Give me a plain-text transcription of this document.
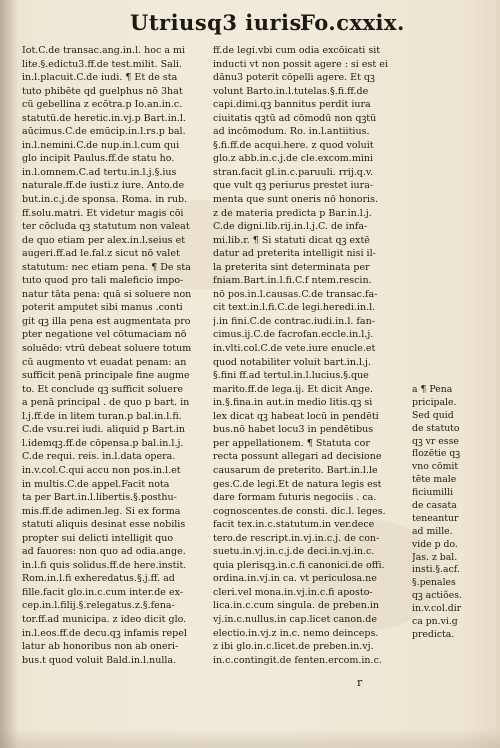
Utriusq3 iuris.
Fo.cxxix.
Iot.C.de transac.ang.in.l. hoc a mi
lite.§.edictu3.ff.de test.milit. Sali.
in.l.placuit.C.de iudi. ¶ Et de sta
tuto phibēte qd guelphus nō 3hat
cū gebellina z ecōtra.p Io.an.in.c.
statutū.de heretic.in.vj.p Bart.in.l.
aūcimus.C.de emūcip.in.l.rs.p bal.
in.l.nemini.C.de nup.in.l.cum qui
glo incipit Paulus.ff.de statu ho.
in.l.omnem.C.ad tertu.in.l.j.§.ius
naturale.ff.de iusti.z iure. Anto.de
but.in.c.j.de sponsa. Roma. in rub.
ff.solu.matri. Et videtur magis cōi
ter cōcluda qꝫ statutum non valeat
de quo etiam per alex.in.l.seius et
augeri.ff.ad le.fal.z sicut nō valet
statutum: nec etiam pena. ¶ De sta
tuto quod pro tali maleficio impo-
natur tāta pena: quā si soluere non
poterit amputet sibi manus .conti
git qꝫ illa pena est augmentata pro
pter negatione vel cōtumaciam nō
soluēdo: vtrū debeat soluere totum
cū augmento vt euadat penam: an
sufficit penā principale fine augme
to. Et conclude qꝫ sufficit soluere
a penā principal . de quo p bart. in
l.j.ff.de in litem turan.p bal.in.l.fi.
C.de vsu.rei iudi. aliquid p Bart.in
l.idemqꝫ.ff.de cōpensa.p bal.in.l.j.
C.de requi. reis. in.l.data opera.
in.v.col.C.qui accu non pos.in.l.et
in multis.C.de appel.Facit nota
ta per Bart.in.l.libertis.§.posthu-
mis.ff.de adimen.leg. Si ex forma
statuti aliquis desinat esse nobilis
propter sui delicti intelligit quo
ad fauores: non quo ad odia.ange.
in.l.fi quis solidus.ff.de here.instit.
Rom.in.l.fi exheredatus.§.j.ff. ad
fille.facit glo.in.c.cum inter.de ex-
cep.in.l.filij.§.relegatus.z.§.fena-
tor.ff.ad municipa. z ideo dicit glo.
in.l.eos.ff.de decu.qꝫ infamis repel
latur ab honoribus non ab oneri-
bus.t quod voluit Bald.in.l.nulla.
ff.de legi.vbi cum odia excōicati sit
inducti vt non possit agere : si est ei
dānu3 poterit cōpelli agere. Et qꝫ
volunt Barto.in.l.tutelas.§.fi.ff.de
capi.dimi.qꝫ bannitus perdit iura
ciuitatis qꝫtū ad cōmodū non qꝫtū
ad incōmodum. Ro. in.l.antiitius.
§.fi.ff.de acqui.here. z quod voluit
glo.z abb.in.c.j.de cle.excom.mini
stran.facit gl.in.c.paruuli. rrij.q.v.
que vult qꝫ periurus prestet iura-
menta que sunt oneris nō honoris.
z de materia predicta p Bar.in.l.j.
C.de digni.lib.rij.in.l.j.C. de infa-
mi.lib.r. ¶ Si statuti dicat qꝫ extē
datur ad preterita intelligit nisi il-
la preterita sint determinata per
fniam.Bart.in.l.fi.C.f ntem.rescin.
nō pos.in.l.causas.C.de transac.fa-
cit text.in.l.fi.C.de legi.heredi.in.l.
j.in fini.C.de contrac.iudi.in.l. fan-
cimus.ij.C.de facrofan.eccle.in.l.j.
in.vlti.col.C.de vete.iure enucle.et
quod notabiliter voluit bart.in.l.j.
§.fini ff.ad tertul.in.l.lucius.§.que
marito.ff.de lega.ij. Et dicit Ange.
in.§.fina.in aut.in medio litis.qꝫ si
lex dicat qꝫ habeat locū in pendēti
bus.nō habet locu3 in pendētibus
per appellationem. ¶ Statuta cor
recta possunt allegari ad decisione
causarum de preterito. Bart.in.l.le
ges.C.de legi.Et de natura legis est
dare formam futuris negociis . ca.
cognoscentes.de consti. dic.l. leges.
facit tex.in.c.statutum.in ver.dece
tero.de rescript.in.vj.in.c.j. de con-
suetu.in.vj.in.c.j.de deci.in.vj.in.c.
quia plerisqꝫ.in.c.fi canonici.de offi.
ordina.in.vj.in ca. vt periculosa.ne
cleri.vel mona.in.vj.in.c.fi aposto-
lica.in.c.cum singula. de preben.in
vj.in.c.nullus.in cap.licet canon.de
electio.in.vj.z in.c. nemo deinceps.
z ibi glo.in.c.licet.de preben.in.vj.
in.c.contingit.de fenten.ercom.in.c.
a ¶ Pena
pricipale.
Sed quid
de statuto
qꝫ vr esse
flozētie qꝫ
vno cōmit
tēte male
ficiumilli
de casata
teneantur
ad mille.
vide p do.
Jas. z bal.
insti.§.acf.
§.penales
qꝫ actiões.
in.v.col.dir
ca pn.vi.g
predicta.
r
